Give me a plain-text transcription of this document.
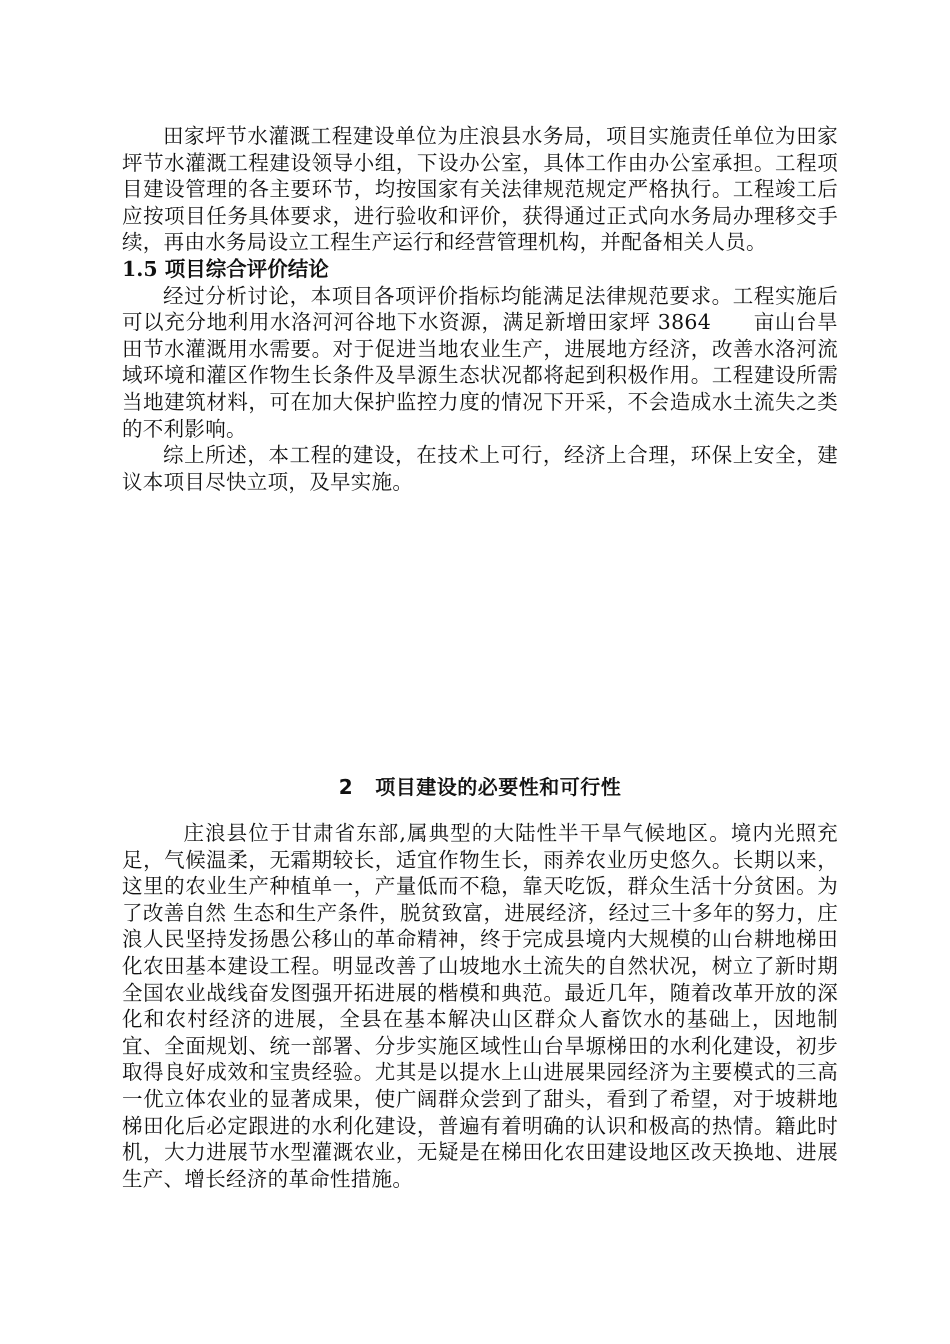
田家坪节水灌溉工程建设单位为庄浪县水务局，项目实施责任单位为田家坪节水灌溉工程建设领导小组，下设办公室，具体工作由办公室承担。工程项目建设管理的各主要环节，均按国家有关法律规范规定严格执行。工程竣工后应按项目任务具体要求，进行验收和评价，获得通过正式向水务局办理移交手续，再由水务局设立工程生产运行和经营管理机构，并配备相关人员。

1.5 项目综合评价结论

经过分析讨论，本项目各项评价指标均能满足法律规范要求。工程实施后可以充分地利用水洛河河谷地下水资源，满足新增田家坪 3864　　亩山台旱田节水灌溉用水需要。对于促进当地农业生产，进展地方经济，改善水洛河流域环境和灌区作物生长条件及旱源生态状况都将起到积极作用。工程建设所需当地建筑材料，可在加大保护监控力度的情况下开采，不会造成水土流失之类的不利影响。

综上所述，本工程的建设，在技术上可行，经济上合理，环保上安全，建议本项目尽快立项，及早实施。

2 项目建设的必要性和可行性

庄浪县位于甘肃省东部,属典型的大陆性半干旱气候地区。境内光照充足，气候温柔，无霜期较长，适宜作物生长，雨养农业历史悠久。长期以来，这里的农业生产种植单一，产量低而不稳，靠天吃饭，群众生活十分贫困。为了改善自然 生态和生产条件，脱贫致富，进展经济，经过三十多年的努力，庄浪人民坚持发扬愚公移山的革命精神，终于完成县境内大规模的山台耕地梯田化农田基本建设工程。明显改善了山坡地水土流失的自然状况，树立了新时期全国农业战线奋发图强开拓进展的楷模和典范。最近几年，随着改革开放的深化和农村经济的进展，全县在基本解决山区群众人畜饮水的基础上，因地制宜、全面规划、统一部署、分步实施区域性山台旱塬梯田的水利化建设，初步取得良好成效和宝贵经验。尤其是以提水上山进展果园经济为主要模式的三高一优立体农业的显著成果，使广阔群众尝到了甜头，看到了希望，对于坡耕地梯田化后必定跟进的水利化建设，普遍有着明确的认识和极高的热情。籍此时机，大力进展节水型灌溉农业，无疑是在梯田化农田建设地区改天换地、进展生产、增长经济的革命性措施。
